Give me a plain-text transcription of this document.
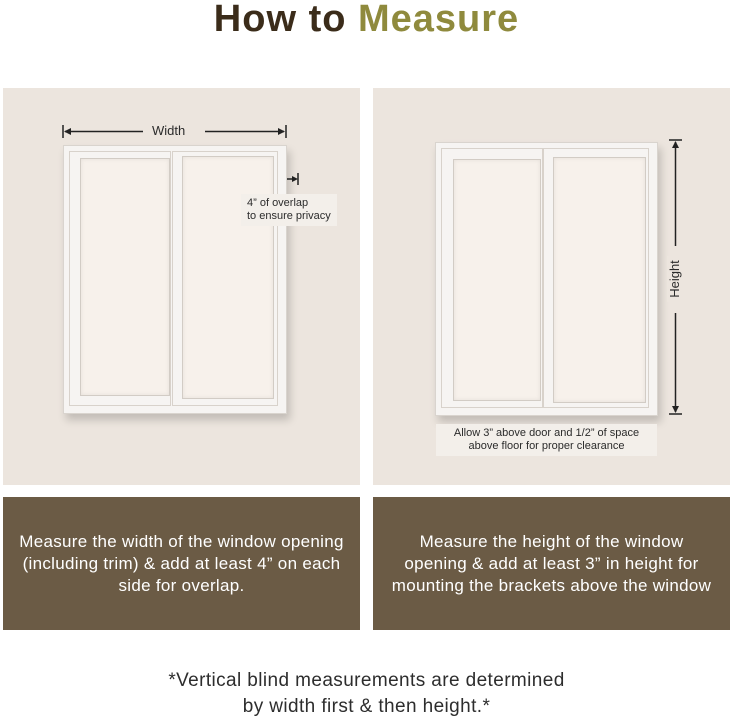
How to Measure
Width
4” of overlap
to ensure privacy
Height
Allow 3” above door and 1/2” of space
above floor for proper clearance
Measure the width of the window opening (including trim) & add at least 4” on each side for overlap.
Measure the height of the window opening & add at least 3” in height for mounting the brackets above the window
*Vertical blind measurements are determined
by width first & then height.*
